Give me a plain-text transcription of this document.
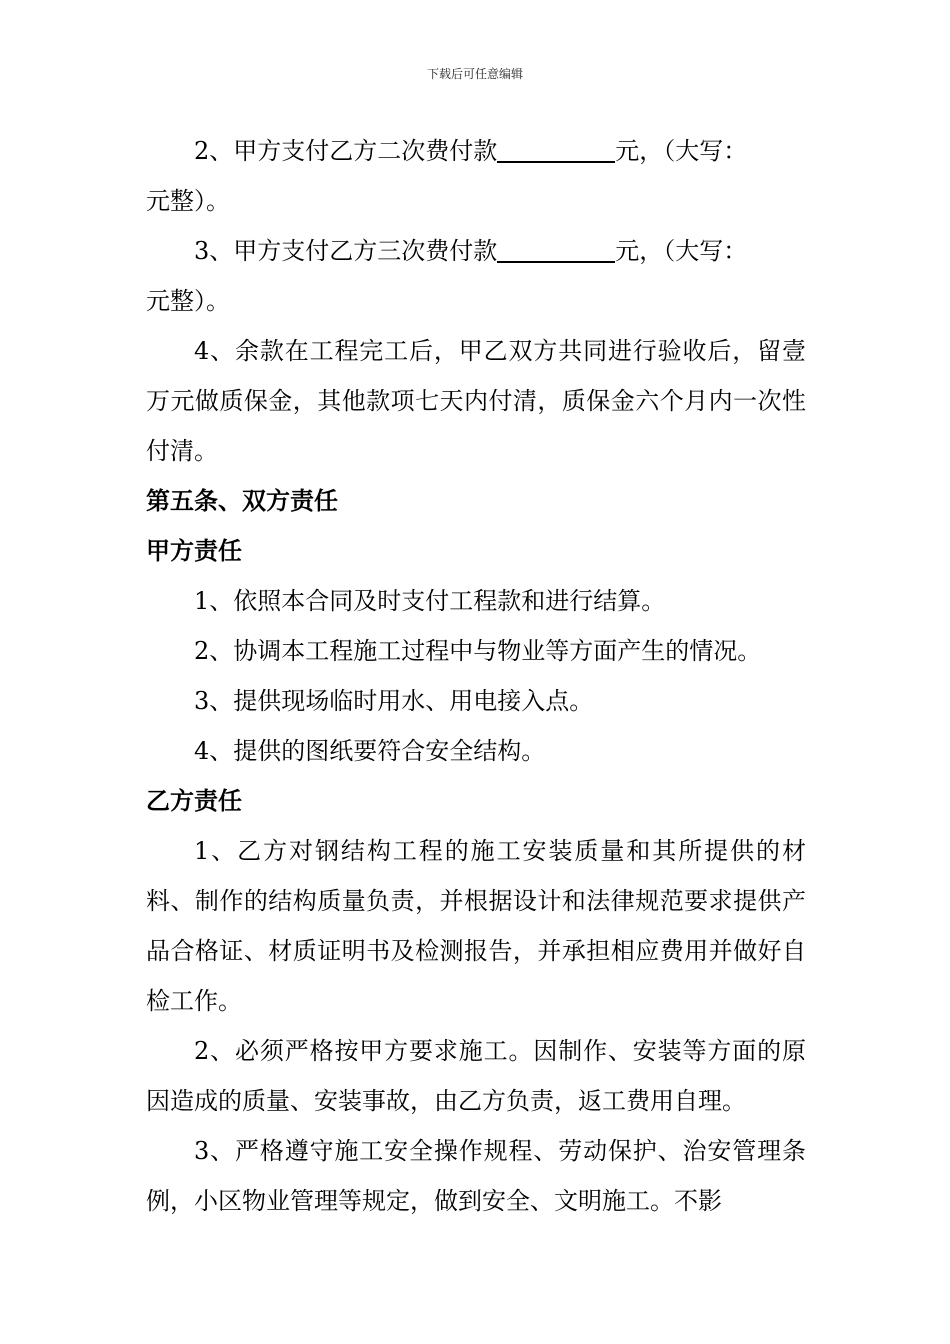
下载后可任意编辑

2、甲方支付乙方二次费付款	元，（大写：
元整）。

3、甲方支付乙方三次费付款	元，（大写：
元整）。

4、余款在工程完工后，甲乙双方共同进行验收后，留壹万元做质保金，其他款项七天内付清，质保金六个月内一次性付清。

第五条、双方责任

甲方责任

1、依照本合同及时支付工程款和进行结算。

2、协调本工程施工过程中与物业等方面产生的情况。

3、提供现场临时用水、用电接入点。

4、提供的图纸要符合安全结构。

乙方责任

1、乙方对钢结构工程的施工安装质量和其所提供的材料、制作的结构质量负责，并根据设计和法律规范要求提供产品合格证、材质证明书及检测报告，并承担相应费用并做好自检工作。

2、必须严格按甲方要求施工。因制作、安装等方面的原因造成的质量、安装事故，由乙方负责，返工费用自理。

3、严格遵守施工安全操作规程、劳动保护、治安管理条例，小区物业管理等规定，做到安全、文明施工。不影
